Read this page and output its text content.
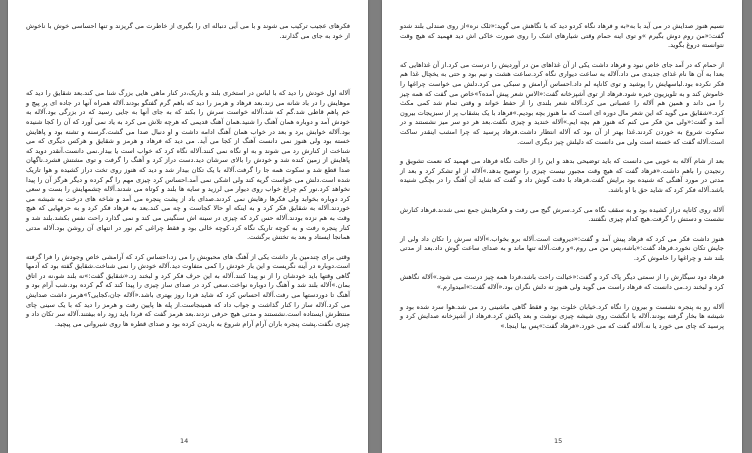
فکرهای عجیب ترکیب می شوند و با می آیی دنباله ای را بگیری از خاطرت می گریزند و تنها احساسی خوش با ناخوش از خود به جای می گذارند.

آلاله اول خودش را دید که با لباس در استخری بلند و باریک،در کنار ماهی هایی بزرگ شنا می کند.بعد شقایق را دید که موهایش را در باد شانه می زند.بعد فرهاد و هرمز را دید که باهم گرم گفتگو بودند.آلاله همراه آنها در جاده ای پر پیچ و خم پاهم قاطی شد.گم که شد،آلاله خواست سرش را بکند که به جای آنها به جایی رسید که در بزرگی بود.آلاله به خودش آمد و دوباره همان آهنگ را شنید.همان آهنگ قدیمی که هرچه تلاش می کرد به یاد نمی آورد که آن را کجا شنیده بود.آلاله خوابش برد و بعد در خواب همان آهنگ ادامه داشت و او دنبال صدا می گشت.گرسنه و تشنه بود و پاهایش خسته بود ولی هنوز نمی دانست آهنگ از کجا می آید. می دید که فرهاد و هرمز و شقایق و هرکس دیگری که می شناخت از کنارش رد می شوند و به او نگاه نمی کنند.آلاله نگاه کرد که خواب است یا بیدار.نمی دانست.آنقدر دوید که پاهایش از زمین کنده شد و خودش را بالای سرشان دید.دست دراز کرد و آهنگ را گرفت و توی مشتش فشرد.ناگهان صدا قطع شد و سکوت همه جا را گرفت.آلاله با یک تکان بیدار شد و دید که هنوز روی تخت دراز کشیده و هوا تاریک شده است.دلش می خواست گریه کند ولی اشکی نمی آمد.احساس کرد چیزی مهم را گم کرده و دیگر هرگز آن را پیدا نخواهد کرد.نور کم چراغ خواب روی دیوار می لرزید و سایه ها بلند و کوتاه می شدند.آلاله چشمهایش را بست و سعی کرد دوباره بخوابد ولی فکرها رهایش نمی کردند.صدای باد از پشت پنجره می آمد و شاخه های درخت به شیشه می خوردند.آلاله به شقایق فکر کرد و به اینکه او حالا کجاست و چه می کند.بعد به فرهاد فکر کرد و به حرفهایی که هیچ وقت به هم نزده بودند.آلاله حس کرد که چیزی در سینه اش سنگینی می کند و نمی گذارد راحت نفس بکشد.بلند شد و کنار پنجره رفت و به کوچه تاریک نگاه کرد.کوچه خالی بود و فقط چراغی کم نور در انتهای آن روشن بود.آلاله مدتی همانجا ایستاد و بعد به تختش برگشت.

وقتی برای چندمین بار داشت یکی از آهنگ های محبوبش را می زد،احساس کرد که آرامشی خاص وجودش را فرا گرفته است.دوباره در آینه نگریست و این بار خودش را کمی متفاوت دید.آلاله خودش را نمی شناخت.شقایق گفته بود که آدمها گاهی وقتها باید خودشان را از نو پیدا کنند.آلاله به این حرف فکر کرد و لبخند زد.«شقایق گفت:»نه بلند شو،نه در اتاق بمان.»آلاله بلند شد و آهنگ را دوباره نواخت.سعی کرد در صدای ساز چیزی را پیدا کند که گم کرده بود.شب آرام بود و آهنگ تا دوردستها می رفت.آلاله احساس کرد که شاید فردا روز بهتری باشد.«آلاله جان،کجایی؟»هرمز داشت صدایش می کرد.آلاله ساز را کنار گذاشت و جواب داد که همینجاست.از پله ها پایین رفت و هرمز را دید که با یک سینی چای منتظرش ایستاده است.نشستند و مدتی هیچ حرفی نزدند.بعد هرمز گفت که فردا باید زود راه بیفتند.آلاله سر تکان داد و چیزی نگفت.پشت پنجره باران آرام آرام شروع به باریدن کرده بود و صدای قطره ها روی شیروانی می پیچید.

14

نسیم هنوز صدایش در می آید با به«به و فرهاد نگاه کردو دید که با نگاهش می گوید:«ثلک نره»از روی صندلی بلند شدو گفت:«من روم دوش بگیرم »و توی اینه حمام وقتی شیارهای اشک را روی صورت خاکی اش دید فهمید که هیچ وقت نتوانسته دروغ بگوید.

از حمام که در آمد جای خاص نبود و فرهاد داشت یکی از آن غذاهای من در آوردیش را درست می کرد.از آن غذاهایی که بعدا به آن ها نام غذای جدیدی می داد.آلاله به ساعت دیواری نگاه کرد.ساعت هشت و نیم بود و حتی به یخچال غذا هم فکر نکرده بود.لباسهایش را پوشید و توی کاناپه لم داد.احساس آرامش و سبکی می کرد.دلش می خواست چراغها را خاموش کند و به تلویزیون خیره شود.فرهاد از توی آشپزخانه گفت:«الاس شعر پیش آمده؟»خاص می گفت که همه چیز را می داند و همین هم آلاله را عصبانی می کرد.آلاله شعر بلندی را از حفظ خواند و وقتی تمام شد کمی مکث کرد.«شقایق می گوید که این شعر مال دوره ای است که ما هنوز بچه بودیم.»فرهاد با یک بشقاب پر از سبزیجات بیرون آمد و گفت:«ولی من فکر می کنم که هنوز هم بچه ایم.»آلاله خندید و چیزی نگفت.بعد هر دو سر میز نشستند و در سکوت شروع به خوردن کردند.غذا بهتر از آن بود که آلاله انتظار داشت.فرهاد پرسید که چرا امشب اینقدر ساکت است.آلاله گفت که خسته است ولی می دانست که دلیلش چیز دیگری است.

بعد از شام آلاله به خوبی می دانست که باید توضیحی بدهد و این را از حالت نگاه فرهاد می فهمید که نعمت تشویق و رنجیدن را باهم داشت.«فرهاد گفت که هیچ وقت مجبور نیست چیزی را توضیح بدهد.»آلاله از او تشکر کرد و بعد از مدتی در مورد آهنگی که شنیده بود برایش گفت.فرهاد با دقت گوش داد و گفت که شاید آن آهنگ را در بچگی شنیده باشد.آلاله فکر کرد که شاید حق با او باشد.

آلاله روی کاناپه دراز کشیده بود و به سقف نگاه می کرد.سرش گیج می رفت و فکرهایش جمع نمی شدند.فرهاد کنارش نشست و دستش را گرفت.هیچ کدام چیزی نگفتند.

هنوز داشت فکر می کرد که فرهاد پیش آمد و گفت:«دیروقت است.آلاله برو بخواب.»آلاله سرش را تکان داد ولی از جایش تکان نخورد.فرهاد گفت:«باشه،پس من می روم.»و رفت.آلاله تنها ماند و به صدای ساعت گوش داد.بعد از مدتی بلند شد و چراغها را خاموش کرد.

فرهاد دود سیگارش را از سمتی دیگر پاک کرد و گفت:«خیالت راحت باشد،فردا همه چیز درست می شود.»آلاله نگاهش کرد و لبخند زد.می دانست که فرهاد راست می گوید ولی هنوز ته دلش نگران بود.«آلاله گفت:»امیدوارم.»

آلاله رو به پنجره نشست و بیرون را نگاه کرد.خیابان خلوت بود و فقط گاهی ماشینی رد می شد.هوا سرد شده بود و شیشه ها بخار گرفته بودند.آلاله با انگشت روی شیشه چیزی نوشت و بعد پاکش کرد.فرهاد از آشپزخانه صدایش کرد و پرسید که چای می خورد یا نه.آلاله گفت که می خورد.«فرهاد گفت:»پس بیا اینجا.»

15
